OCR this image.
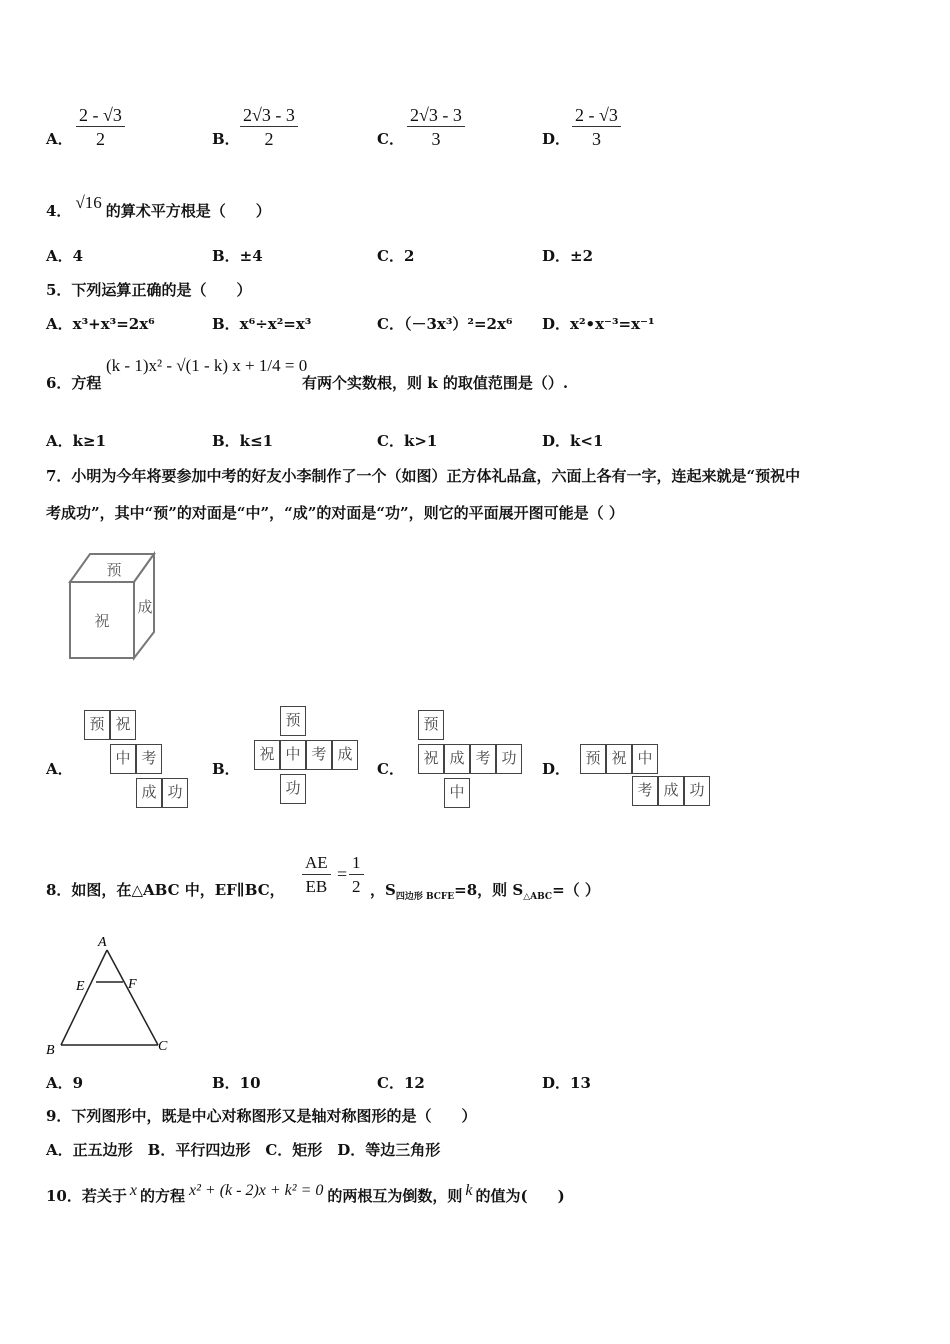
A． $\frac{2 - √3}{2}$	B． $\frac{2√3 - 3}{2}$	C． $\frac{2√3 - 3}{3}$	D． $\frac{2 - √3}{3}$
4． √16 的算术平方根是（　　）
A．4	B．±4	C．2	D．±2
5．下列运算正确的是（　　）
A．x³+x³=2x⁶	B．x⁶÷x²=x³	C．（－3x³）²=2x⁶ D．x²•x⁻³=x⁻¹
6．方程
(k - 1)x² - √(1 - k) x + 1/4 = 0
有两个实数根，则 k 的取值范围是（）.
A．k≥1	B．k≤1	C．k>1	D．k<1
7．小明为今年将要参加中考的好友小李制作了一个（如图）正方体礼品盒，六面上各有一字，连起来就是“预祝中
考成功”，其中“预”的对面是“中”，“成”的对面是“功”，则它的平面展开图可能是（ ）
预
祝
成
A．	B．	C．	D．
预 祝
中 考
成 功
预
祝 中 考 成
功
预
祝 成 考 功
中
预 祝 中
考 成 功
8．如图，在△ABC 中，EF∥BC， $\frac{AE}{EB} = \frac{1}{2}$ ，$S_{四边形 BCFE}=8$，则 $S_{\triangle ABC}=$（ ）
A
E	F
B	C
A．9	B．10	C．12	D．13
9．下列图形中，既是中心对称图形又是轴对称图形的是（　　）
A．正五边形　B．平行四边形　C．矩形　D．等边三角形
10．若关于 x 的方程 x² + (k - 2)x + k² = 0 的两根互为倒数，则 k 的值为(　　)
